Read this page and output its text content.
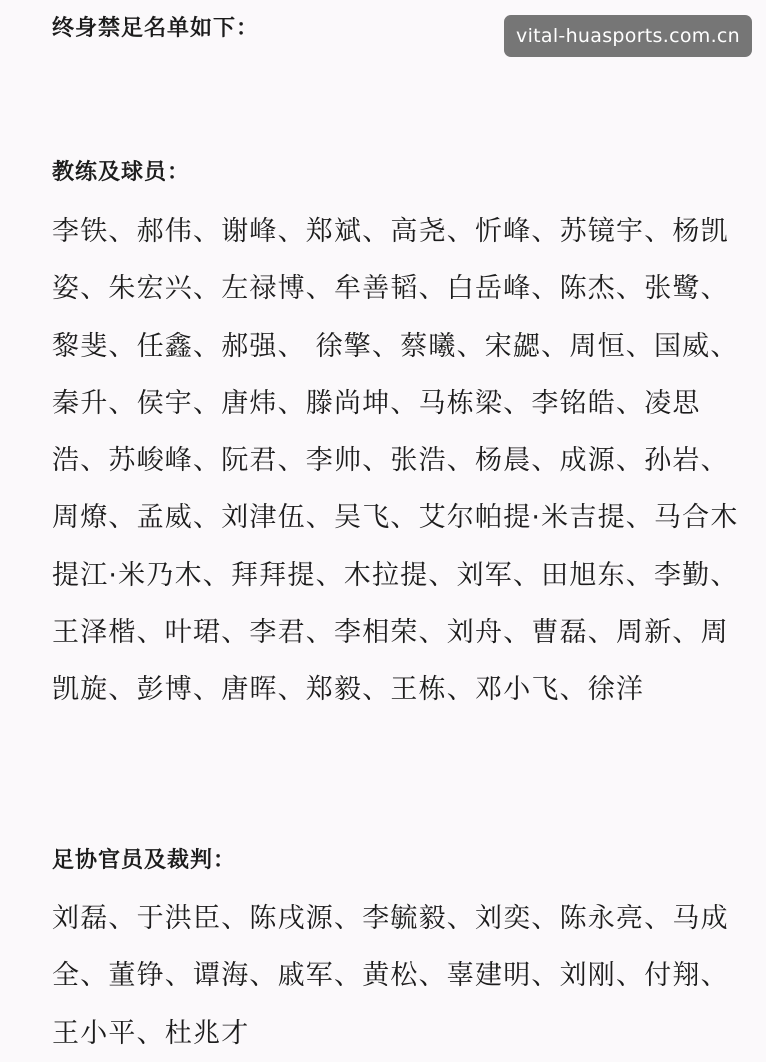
终身禁足名单如下：

教练及球员：

李铁、郝伟、谢峰、郑斌、高尧、忻峰、苏镜宇、杨凯姿、朱宏兴、左禄博、牟善韬、白岳峰、陈杰、张鹭、黎斐、任鑫、郝强、 徐擎、蔡曦、宋勰、周恒、国威、秦升、侯宇、唐炜、滕尚坤、马栋梁、李铭皓、凌思浩、苏峻峰、阮君、李帅、张浩、杨晨、成源、孙岩、周燎、孟威、刘津伍、吴飞、艾尔帕提·米吉提、马合木提江·米乃木、拜拜提、木拉提、刘军、田旭东、李勤、王泽楷、叶珺、李君、李相荣、刘舟、曹磊、周新、周凯旋、彭博、唐晖、郑毅、王栋、邓小飞、徐洋

足协官员及裁判：

刘磊、于洪臣、陈戌源、李毓毅、刘奕、陈永亮、马成全、董铮、谭海、戚军、黄松、辜建明、刘刚、付翔、王小平、杜兆才

vital-huasports.com.cn
